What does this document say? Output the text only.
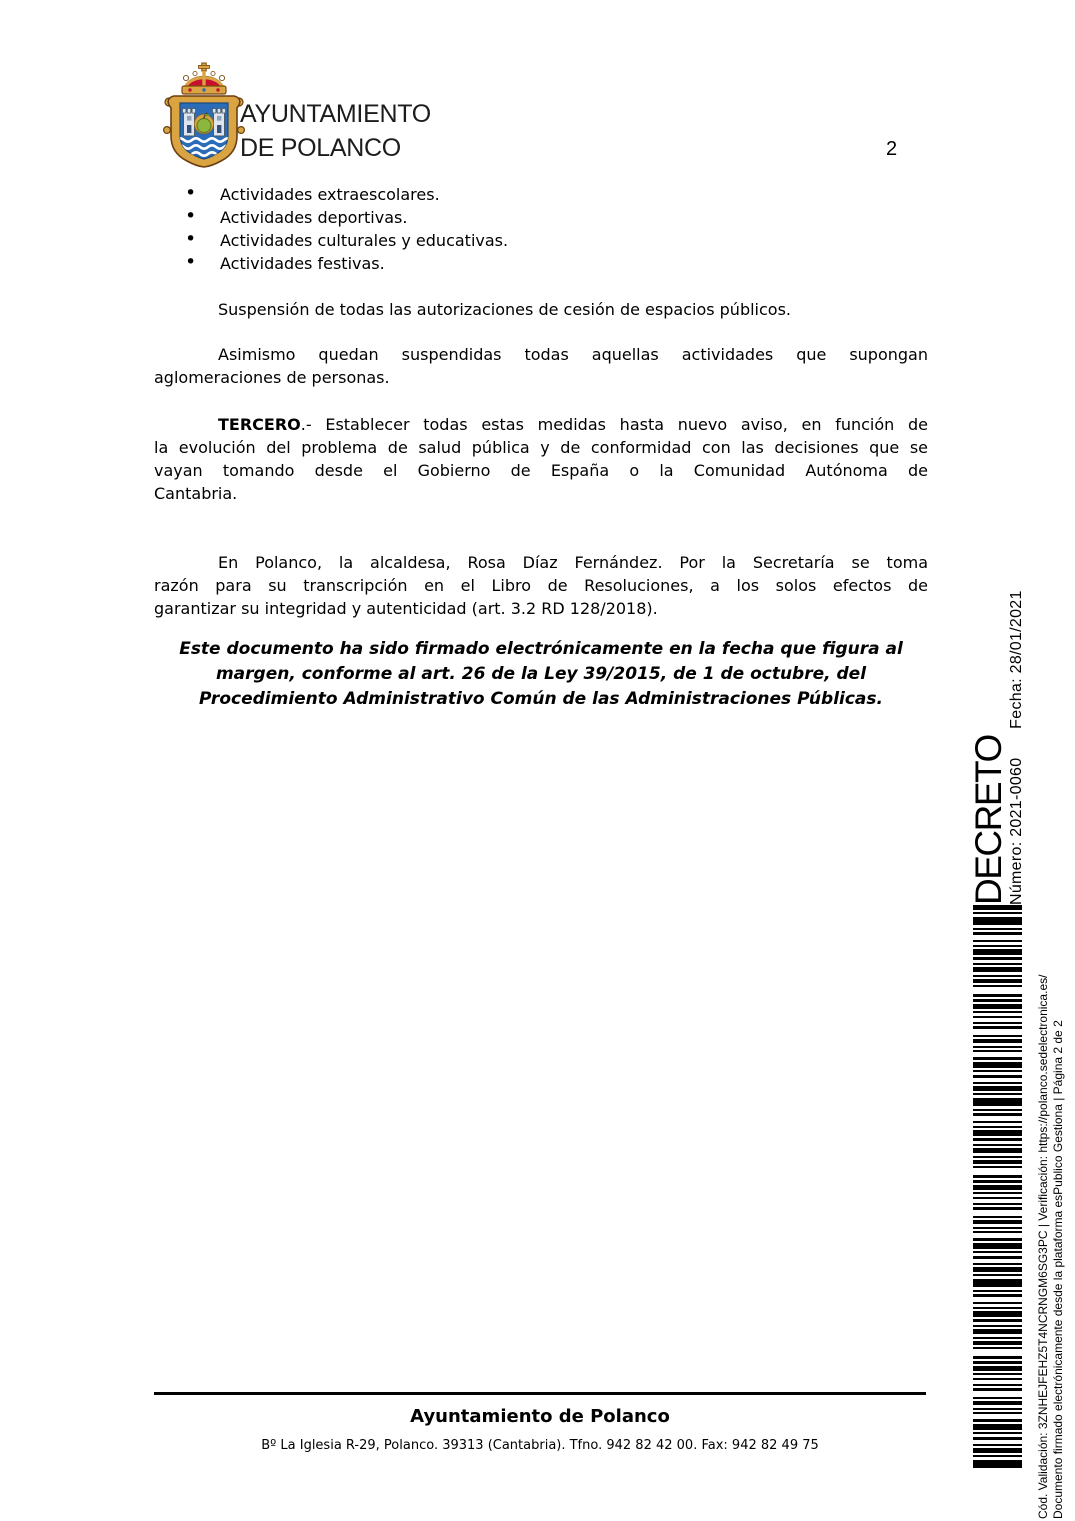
AYUNTAMIENTO
DE POLANCO	2
• Actividades extraescolares.
• Actividades deportivas.
• Actividades culturales y educativas.
• Actividades festivas.

Suspensión de todas las autorizaciones de cesión de espacios públicos.

Asimismo quedan suspendidas todas aquellas actividades que supongan
aglomeraciones de personas.
TERCERO.- Establecer todas estas medidas hasta nuevo aviso, en función de
la evolución del problema de salud pública y de conformidad con las decisiones que se
vayan tomando desde el Gobierno de España o la Comunidad Autónoma de
Cantabria.
En Polanco, la alcaldesa, Rosa Díaz Fernández. Por la Secretaría se toma
razón para su transcripción en el Libro de Resoluciones, a los solos efectos de
garantizar su integridad y autenticidad (art. 3.2 RD 128/2018).
Este documento ha sido firmado electrónicamente en la fecha que figura al
margen, conforme al art. 26 de la Ley 39/2015, de 1 de octubre, del
Procedimiento Administrativo Común de las Administraciones Públicas.
DECRETO Número: 2021-0060 Fecha: 28/01/2021
Cód. Validación: 3ZNHEJFEHZ5T4NCRNGM6SG3PC | Verificación: https://polanco.sedelectronica.es/ Documento firmado electrónicamente desde la plataforma esPublico Gestiona | Página 2 de 2
Ayuntamiento de Polanco
Bº La Iglesia R-29, Polanco. 39313 (Cantabria). Tfno. 942 82 42 00. Fax: 942 82 49 75
